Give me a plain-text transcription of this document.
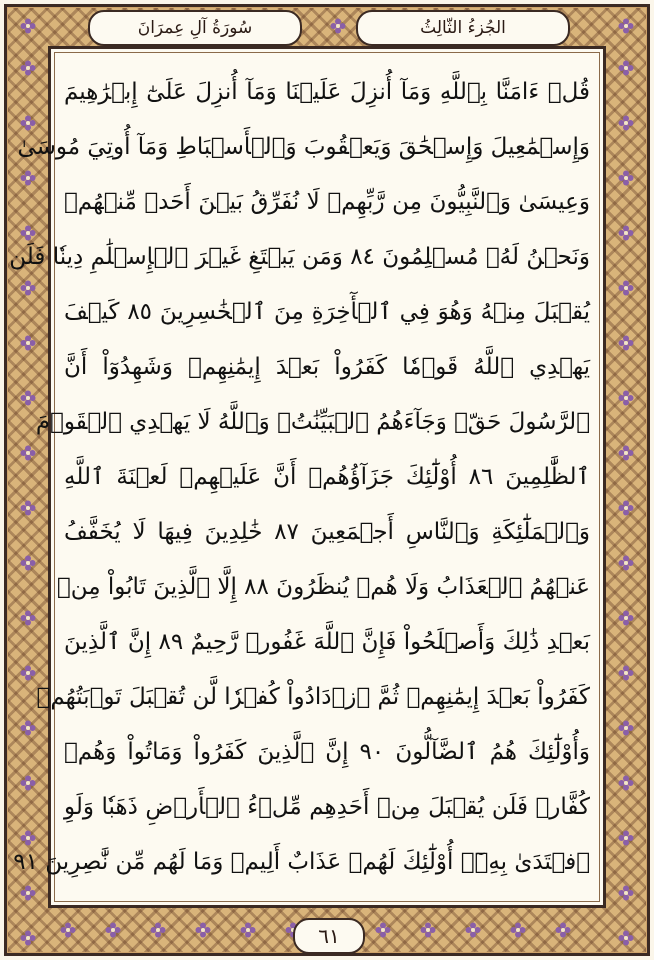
الجُزءُ الثّالِثُ
سُورَةُ آلِ عِمرَانَ
قُلۡ ءَامَنَّا بِٱللَّهِ وَمَآ أُنزِلَ عَلَيۡنَا وَمَآ أُنزِلَ عَلَىٰٓ إِبۡرَٰهِيمَ
وَإِسۡمَٰعِيلَ وَإِسۡحَٰقَ وَيَعۡقُوبَ وَٱلۡأَسۡبَاطِ وَمَآ أُوتِيَ مُوسَىٰ
وَعِيسَىٰ وَٱلنَّبِيُّونَ مِن رَّبِّهِمۡ لَا نُفَرِّقُ بَيۡنَ أَحَدٖ مِّنۡهُمۡ
وَنَحۡنُ لَهُۥ مُسۡلِمُونَ ٨٤ وَمَن يَبۡتَغِ غَيۡرَ ٱلۡإِسۡلَٰمِ دِينٗا فَلَن
يُقۡبَلَ مِنۡهُ وَهُوَ فِي ٱلۡأٓخِرَةِ مِنَ ٱلۡخَٰسِرِينَ ٨٥ كَيۡفَ
يَهۡدِي ٱللَّهُ قَوۡمٗا كَفَرُواْ بَعۡدَ إِيمَٰنِهِمۡ وَشَهِدُوٓاْ أَنَّ
ٱلرَّسُولَ حَقّٞ وَجَآءَهُمُ ٱلۡبَيِّنَٰتُۚ وَٱللَّهُ لَا يَهۡدِي ٱلۡقَوۡمَ
ٱلظَّٰلِمِينَ ٨٦ أُوْلَٰٓئِكَ جَزَآؤُهُمۡ أَنَّ عَلَيۡهِمۡ لَعۡنَةَ ٱللَّهِ
وَٱلۡمَلَٰٓئِكَةِ وَٱلنَّاسِ أَجۡمَعِينَ ٨٧ خَٰلِدِينَ فِيهَا لَا يُخَفَّفُ
عَنۡهُمُ ٱلۡعَذَابُ وَلَا هُمۡ يُنظَرُونَ ٨٨ إِلَّا ٱلَّذِينَ تَابُواْ مِنۢ
بَعۡدِ ذَٰلِكَ وَأَصۡلَحُواْ فَإِنَّ ٱللَّهَ غَفُورٞ رَّحِيمٌ ٨٩ إِنَّ ٱلَّذِينَ
كَفَرُواْ بَعۡدَ إِيمَٰنِهِمۡ ثُمَّ ٱزۡدَادُواْ كُفۡرٗا لَّن تُقۡبَلَ تَوۡبَتُهُمۡ
وَأُوْلَٰٓئِكَ هُمُ ٱلضَّآلُّونَ ٩٠ إِنَّ ٱلَّذِينَ كَفَرُواْ وَمَاتُواْ وَهُمۡ
كُفَّارٞ فَلَن يُقۡبَلَ مِنۡ أَحَدِهِم مِّلۡءُ ٱلۡأَرۡضِ ذَهَبٗا وَلَوِ
ٱفۡتَدَىٰ بِهِۦٓۗ أُوْلَٰٓئِكَ لَهُمۡ عَذَابٌ أَلِيمٞ وَمَا لَهُم مِّن نَّٰصِرِينَ ٩١
٦١
